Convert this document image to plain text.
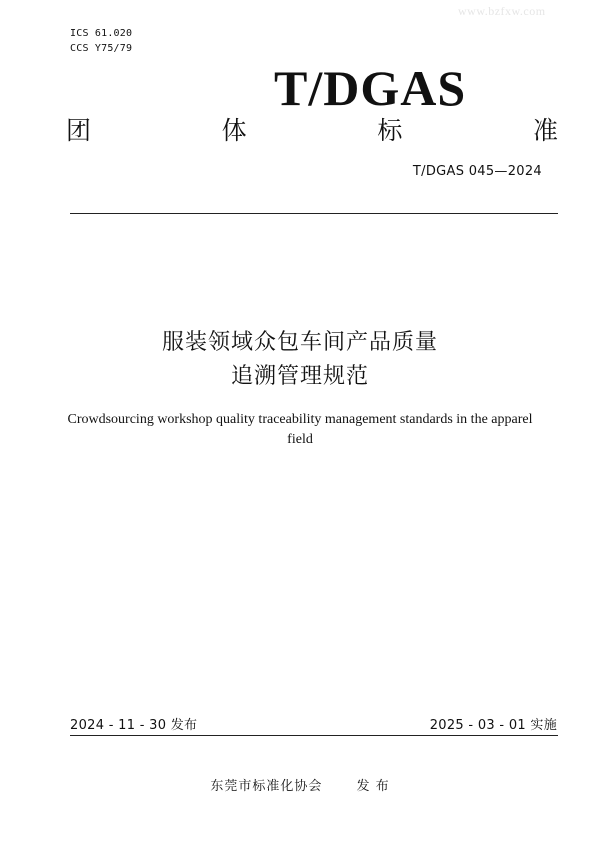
www.bzfxw.com
ICS 61.020
CCS Y75/79
T/DGAS
团	体	标	准
T/DGAS 045—2024
服装领域众包车间产品质量
追溯管理规范
Crowdsourcing workshop quality traceability management standards in the apparel
field
2024 - 11 - 30 发布	2025 - 03 - 01 实施
东莞市标准化协会	发 布
